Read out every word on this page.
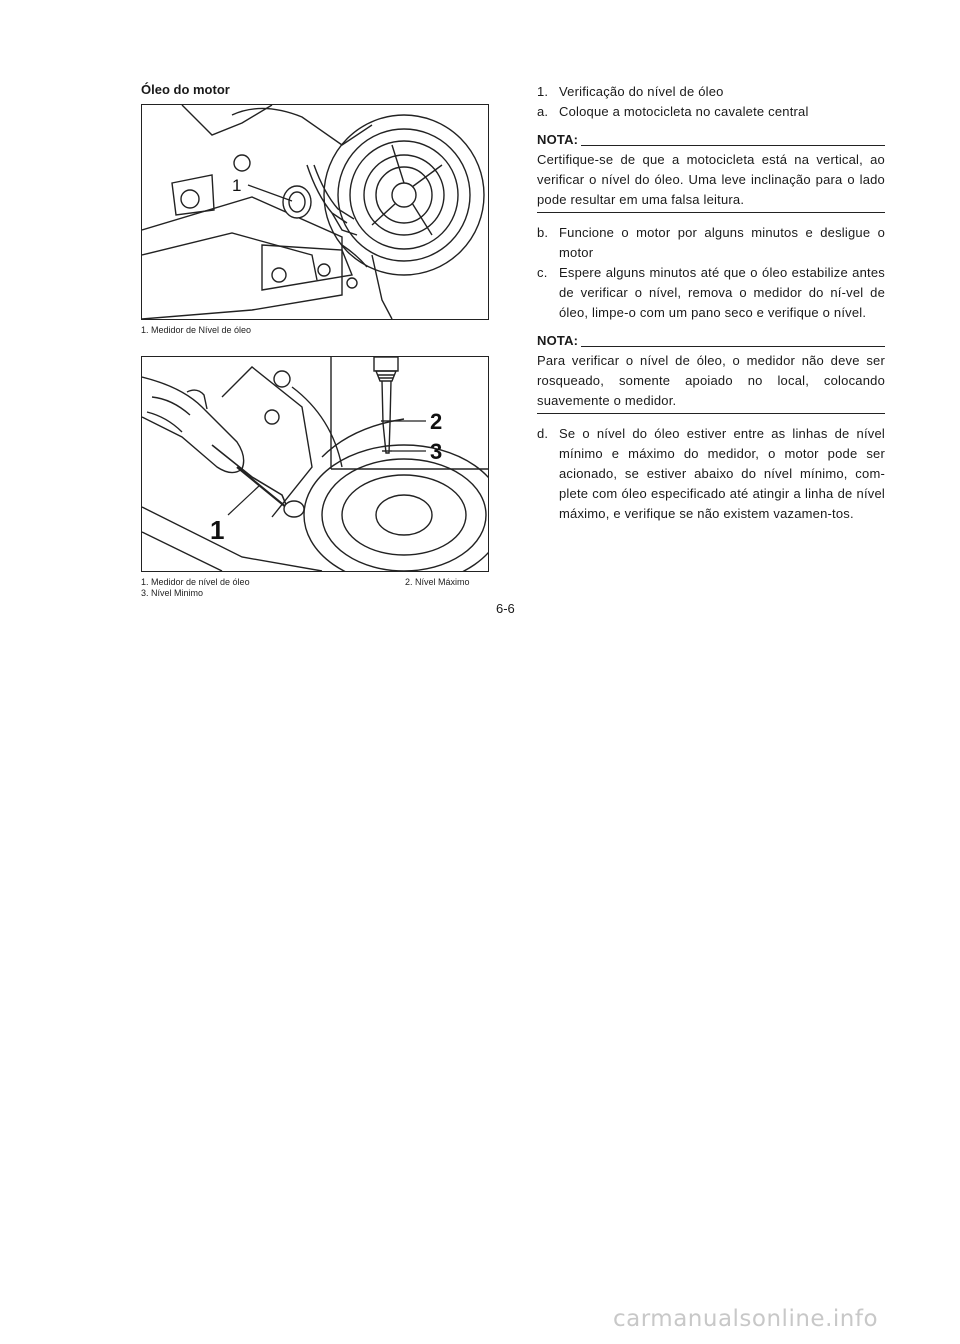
Óleo do motor
1
1. Medidor de Nível de óleo
2
3
1
1. Medidor de nível de óleo	2. Nível Máximo
3. Nível Minimo
6-6
1. Verificação do nível de óleo
a. Coloque a motocicleta no cavalete central
NOTA:
Certifique-se de que a motocicleta está na vertical, ao verificar o nível do óleo. Uma leve inclinação para o lado pode resultar em uma falsa leitura.
b. Funcione o motor por alguns minutos e desligue o motor
c. Espere alguns minutos até que o óleo estabilize antes de verificar o nível, remova o medidor do ní-vel de óleo, limpe-o com um pano seco e verifique o nível.
NOTA:
Para verificar o nível de óleo, o medidor não deve ser rosqueado, somente apoiado no local, colocando suavemente o medidor.
d. Se o nível do óleo estiver entre as linhas de nível mínimo e máximo do medidor, o motor pode ser acionado, se estiver abaixo do nível mínimo, com-plete com óleo especificado até atingir a linha de nível máximo, e verifique se não existem vazamen-tos.
carmanualsonline.info
